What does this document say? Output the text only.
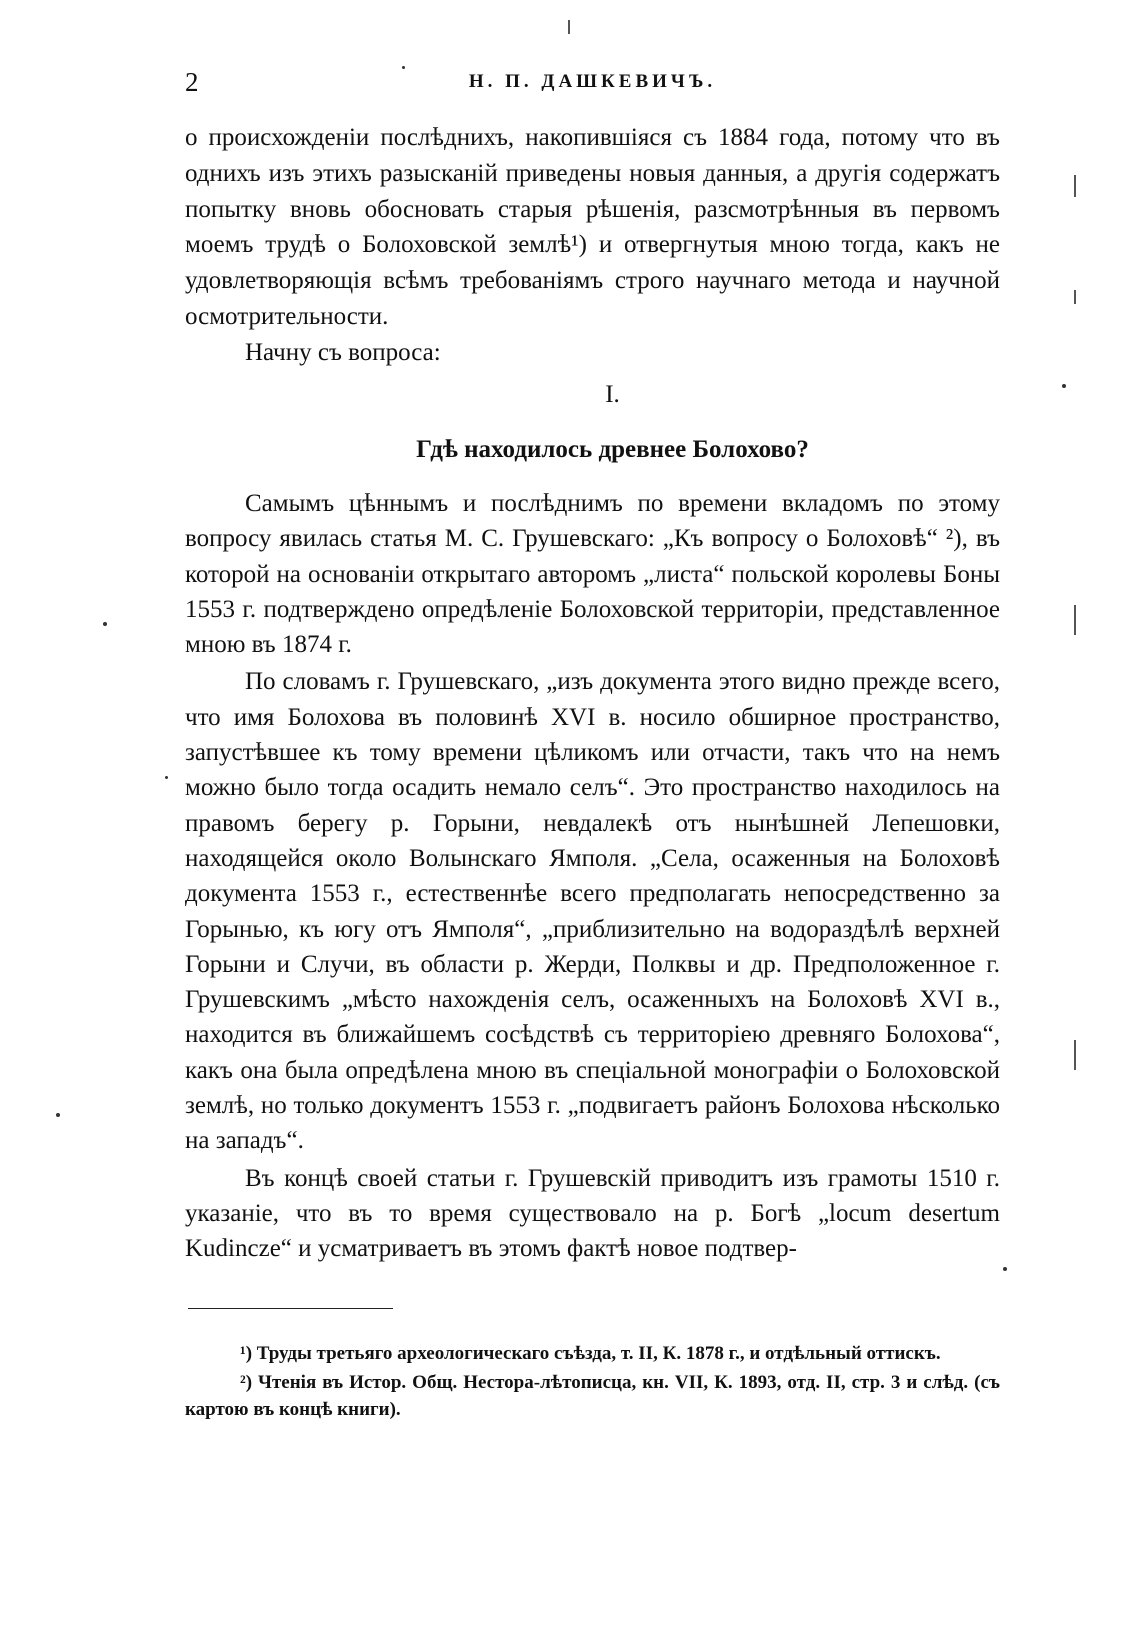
2	Н. П. ДАШКЕВИЧЪ.

о происхожденіи послѣднихъ, накопившіяся съ 1884 года, потому что въ однихъ изъ этихъ разысканій приведены новыя данныя, а другія содержатъ попытку вновь обосновать старыя рѣшенія, разсмотрѣнныя въ первомъ моемъ трудѣ о Болоховской землѣ¹) и отвергнутыя мною тогда, какъ не удовлетворяющія всѣмъ требованіямъ строго научнаго метода и научной осмотрительности.

Начну съ вопроса:

I.
Гдѣ находилось древнее Болохово?

Самымъ цѣннымъ и послѣднимъ по времени вкладомъ по этому вопросу явилась статья М. С. Грушевскаго: „Къ вопросу о Болоховѣ“ ²), въ которой на основаніи открытаго авторомъ „листа“ польской королевы Боны 1553 г. подтверждено опредѣленіе Болоховской территоріи, представленное мною въ 1874 г.

По словамъ г. Грушевскаго, „изъ документа этого видно прежде всего, что имя Болохова въ половинѣ XVI в. носило обширное пространство, запустѣвшее къ тому времени цѣликомъ или отчасти, такъ что на немъ можно было тогда осадить немало селъ“. Это пространство находилось на правомъ берегу р. Горыни, невдалекѣ отъ нынѣшней Лепешовки, находящейся около Волынскаго Ямполя. „Села, осаженныя на Болоховѣ документа 1553 г., естественнѣе всего предполагать непосредственно за Горынью, къ югу отъ Ямполя“, „приблизительно на водораздѣлѣ верхней Горыни и Случи, въ области р. Жерди, Полквы и др. Предположенное г. Грушевскимъ „мѣсто нахожденія селъ, осаженныхъ на Болоховѣ XVI в., находится въ ближайшемъ сосѣдствѣ съ территоріею древняго Болохова“, какъ она была опредѣлена мною въ спеціальной монографіи о Болоховской землѣ, но только документъ 1553 г. „подвигаетъ районъ Болохова нѣсколько на западъ“.

Въ концѣ своей статьи г. Грушевскій приводитъ изъ грамоты 1510 г. указаніе, что въ то время существовало на р. Богѣ „locum desertum Kudincze“ и усматриваетъ въ этомъ фактѣ новое подтвер-

¹) Труды третьяго археологическаго съѣзда, т. II, К. 1878 г., и отдѣльный оттискъ.

²) Чтенія въ Истор. Общ. Нестора-лѣтописца, кн. VII, К. 1893, отд. II, стр. 3 и слѣд. (съ картою въ концѣ книги).
